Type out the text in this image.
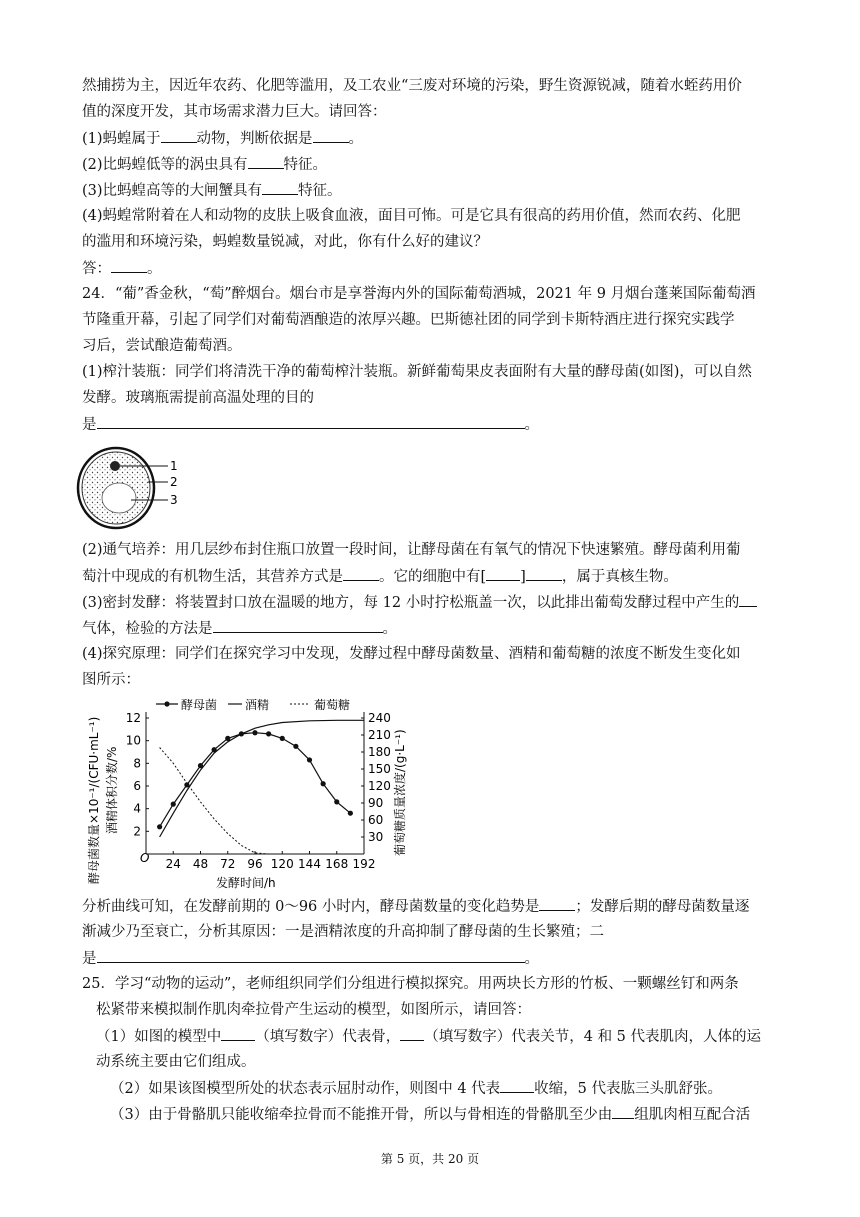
然捕捞为主，因近年农药、化肥等滥用，及工农业“三废对环境的污染，野生资源锐减，随着水蛭药用价
值的深度开发，其市场需求潜力巨大。请回答：
(1)蚂蝗属于 动物，判断依据是 。
(2)比蚂蝗低等的涡虫具有 特征。
(3)比蚂蝗高等的大闸蟹具有 特征。
(4)蚂蝗常附着在人和动物的皮肤上吸食血液，面目可怖。可是它具有很高的药用价值，然而农药、化肥
的滥用和环境污染，蚂蝗数量锐减，对此，你有什么好的建议？
答： 。
24．“葡”香金秋，“萄”醉烟台。烟台市是享誉海内外的国际葡萄酒城，2021 年 9 月烟台蓬莱国际葡萄酒
节隆重开幕，引起了同学们对葡萄酒酿造的浓厚兴趣。巴斯德社团的同学到卡斯特酒庄进行探究实践学
习后，尝试酿造葡萄酒。
(1)榨汁装瓶：同学们将清洗干净的葡萄榨汁装瓶。新鲜葡萄果皮表面附有大量的酵母菌(如图)，可以自然
发酵。玻璃瓶需提前高温处理的目的
是	。
1
2
3
(2)通气培养：用几层纱布封住瓶口放置一段时间，让酵母菌在有氧气的情况下快速繁殖。酵母菌利用葡
萄汁中现成的有机物生活，其营养方式是 。它的细胞中有[ ] ，属于真核生物。
(3)密封发酵：将装置封口放在温暖的地方，每 12 小时拧松瓶盖一次，以此排出葡萄发酵过程中产生的
气体，检验的方法是	。
(4)探究原理：同学们在探究学习中发现，发酵过程中酵母菌数量、酒精和葡萄糖的浓度不断发生变化如
图所示：
酵母菌 酒精	葡萄糖
酵母菌数量×10⁻¹/(CFU·mL⁻¹) 酒精体积分数/%	葡萄糖质量浓度/(g·L⁻¹)
发酵时间/h
O 24 48 72 96 120 144 168 192
2
4
6
8
10
12
30
60
90
120
150
180
210
240
分析曲线可知，在发酵前期的 0～96 小时内，酵母菌数量的变化趋势是 ；发酵后期的酵母菌数量逐
渐减少乃至衰亡，分析其原因：一是酒精浓度的升高抑制了酵母菌的生长繁殖；二
是	。
25．学习“动物的运动”，老师组织同学们分组进行模拟探究。用两块长方形的竹板、一颗螺丝钉和两条
松紧带来模拟制作肌肉牵拉骨产生运动的模型，如图所示，请回答：
（1）如图的模型中 （填写数字）代表骨， （填写数字）代表关节，4 和 5 代表肌肉，人体的运
动系统主要由它们组成。
（2）如果该图模型所处的状态表示屈肘动作，则图中 4 代表 收缩，5 代表肱三头肌舒张。
（3）由于骨骼肌只能收缩牵拉骨而不能推开骨，所以与骨相连的骨骼肌至少由 组肌肉相互配合活
第 5 页，共 20 页
